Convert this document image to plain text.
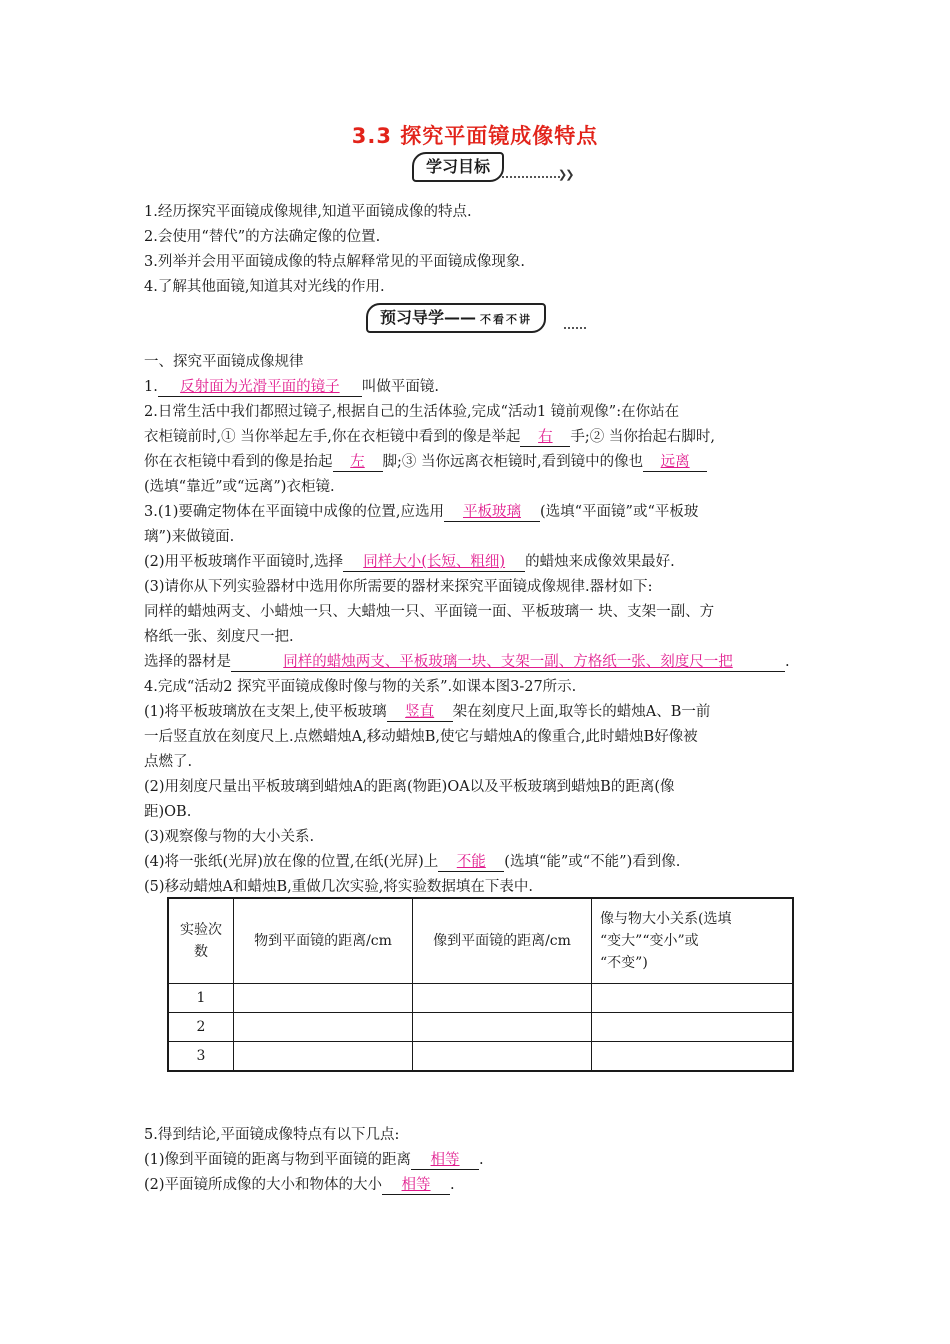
3.3 探究平面镜成像特点
学习目标	❯❯
1.经历探究平面镜成像规律,知道平面镜成像的特点.
2.会使用“替代”的方法确定像的位置.
3.列举并会用平面镜成像的特点解释常见的平面镜成像现象.
4.了解其他面镜,知道其对光线的作用.
预习导学—— 不看不讲
一、探究平面镜成像规律
1. 反射面为光滑平面的镜子 叫做平面镜.
2.日常生活中我们都照过镜子,根据自己的生活体验,完成“活动1 镜前观像”:在你站在
衣柜镜前时,① 当你举起左手,你在衣柜镜中看到的像是举起 右 手;② 当你抬起右脚时,
你在衣柜镜中看到的像是抬起 左 脚;③ 当你远离衣柜镜时,看到镜中的像也 远离
(选填“靠近”或“远离”)衣柜镜.
3.(1)要确定物体在平面镜中成像的位置,应选用 平板玻璃 (选填“平面镜”或“平板玻
璃”)来做镜面.
(2)用平板玻璃作平面镜时,选择 同样大小(长短、粗细) 的蜡烛来成像效果最好.
(3)请你从下列实验器材中选用你所需要的器材来探究平面镜成像规律.器材如下:
同样的蜡烛两支、小蜡烛一只、大蜡烛一只、平面镜一面、平板玻璃一 块、支架一副、方
格纸一张、刻度尺一把.
选择的器材是	同样的蜡烛两支、平板玻璃一块、支架一副、方格纸一张、刻度尺一把	.
4.完成“活动2 探究平面镜成像时像与物的关系”.如课本图3-27所示.
(1)将平板玻璃放在支架上,使平板玻璃 竖直 架在刻度尺上面,取等长的蜡烛A、B一前
一后竖直放在刻度尺上.点燃蜡烛A,移动蜡烛B,使它与蜡烛A的像重合,此时蜡烛B好像被
点燃了.
(2)用刻度尺量出平板玻璃到蜡烛A的距离(物距)OA以及平板玻璃到蜡烛B的距离(像
距)OB.
(3)观察像与物的大小关系.
(4)将一张纸(光屏)放在像的位置,在纸(光屏)上 不能 (选填“能”或“不能”)看到像.
(5)移动蜡烛A和蜡烛B,重做几次实验,将实验数据填在下表中.
实验次
数	物到平面镜的距离/cm	像到平面镜的距离/cm	像与物大小关系(选填
“变大”“变小”或
“不变”)
1			
2			
3			
5.得到结论,平面镜成像特点有以下几点:
(1)像到平面镜的距离与物到平面镜的距离 相等 .
(2)平面镜所成像的大小和物体的大小 相等 .
